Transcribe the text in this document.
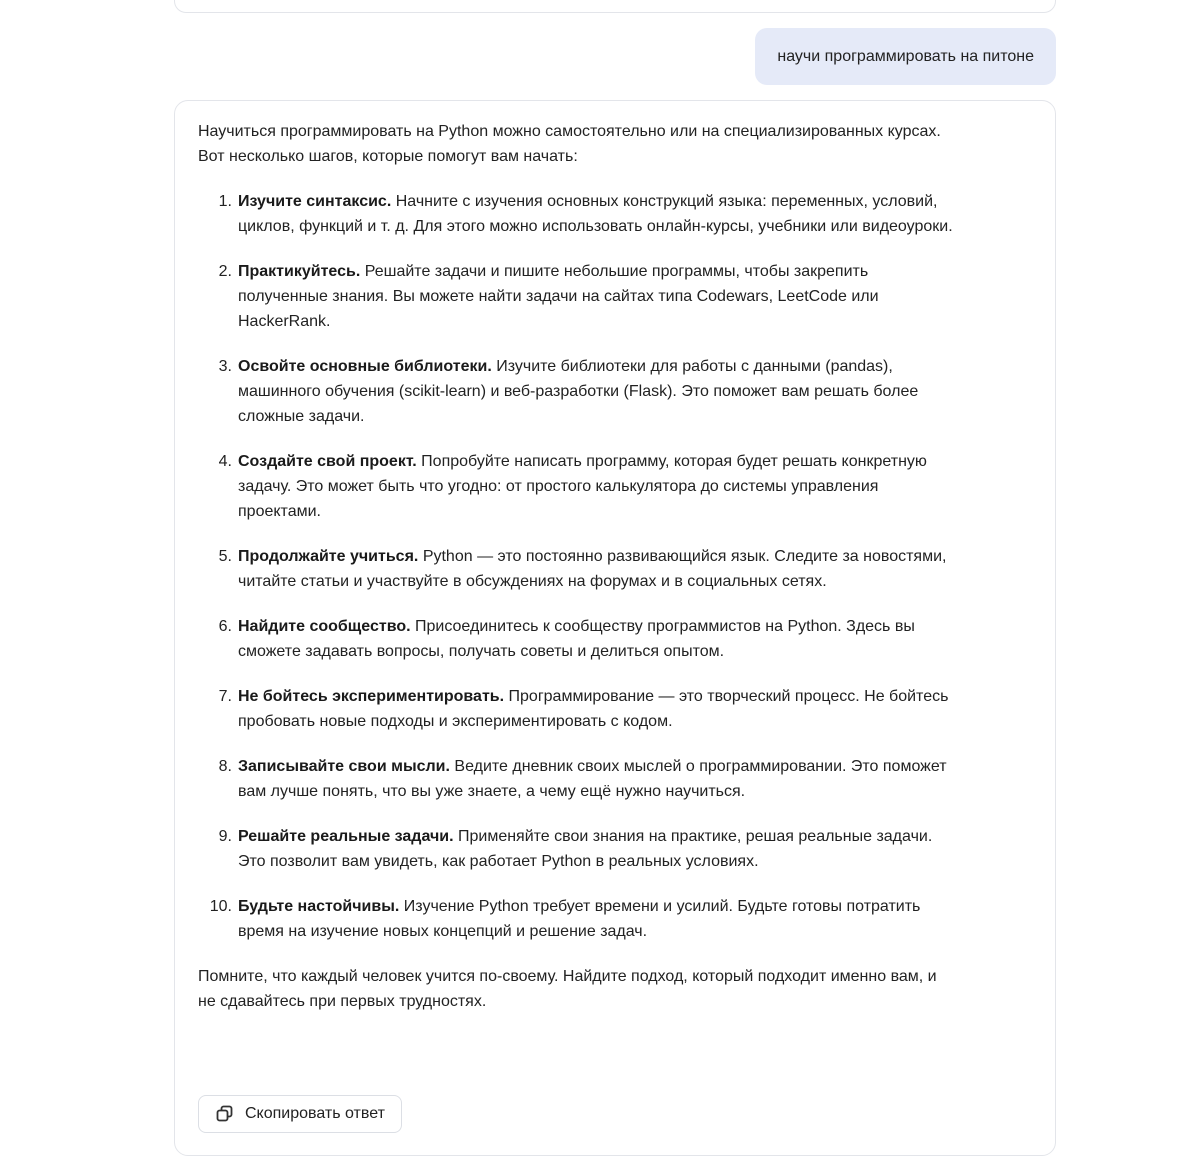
научи программировать на питоне

Научиться программировать на Python можно самостоятельно или на специализированных курсах. Вот несколько шагов, которые помогут вам начать:

1. Изучите синтаксис. Начните с изучения основных конструкций языка: переменных, условий, циклов, функций и т. д. Для этого можно использовать онлайн-курсы, учебники или видеоуроки.
2. Практикуйтесь. Решайте задачи и пишите небольшие программы, чтобы закрепить полученные знания. Вы можете найти задачи на сайтах типа Codewars, LeetCode или HackerRank.
3. Освойте основные библиотеки. Изучите библиотеки для работы с данными (pandas), машинного обучения (scikit-learn) и веб-разработки (Flask). Это поможет вам решать более сложные задачи.
4. Создайте свой проект. Попробуйте написать программу, которая будет решать конкретную задачу. Это может быть что угодно: от простого калькулятора до системы управления проектами.
5. Продолжайте учиться. Python — это постоянно развивающийся язык. Следите за новостями, читайте статьи и участвуйте в обсуждениях на форумах и в социальных сетях.
6. Найдите сообщество. Присоединитесь к сообществу программистов на Python. Здесь вы сможете задавать вопросы, получать советы и делиться опытом.
7. Не бойтесь экспериментировать. Программирование — это творческий процесс. Не бойтесь пробовать новые подходы и экспериментировать с кодом.
8. Записывайте свои мысли. Ведите дневник своих мыслей о программировании. Это поможет вам лучше понять, что вы уже знаете, а чему ещё нужно научиться.
9. Решайте реальные задачи. Применяйте свои знания на практике, решая реальные задачи. Это позволит вам увидеть, как работает Python в реальных условиях.
10. Будьте настойчивы. Изучение Python требует времени и усилий. Будьте готовы потратить время на изучение новых концепций и решение задач.

Помните, что каждый человек учится по-своему. Найдите подход, который подходит именно вам, и не сдавайтесь при первых трудностях.

Скопировать ответ
